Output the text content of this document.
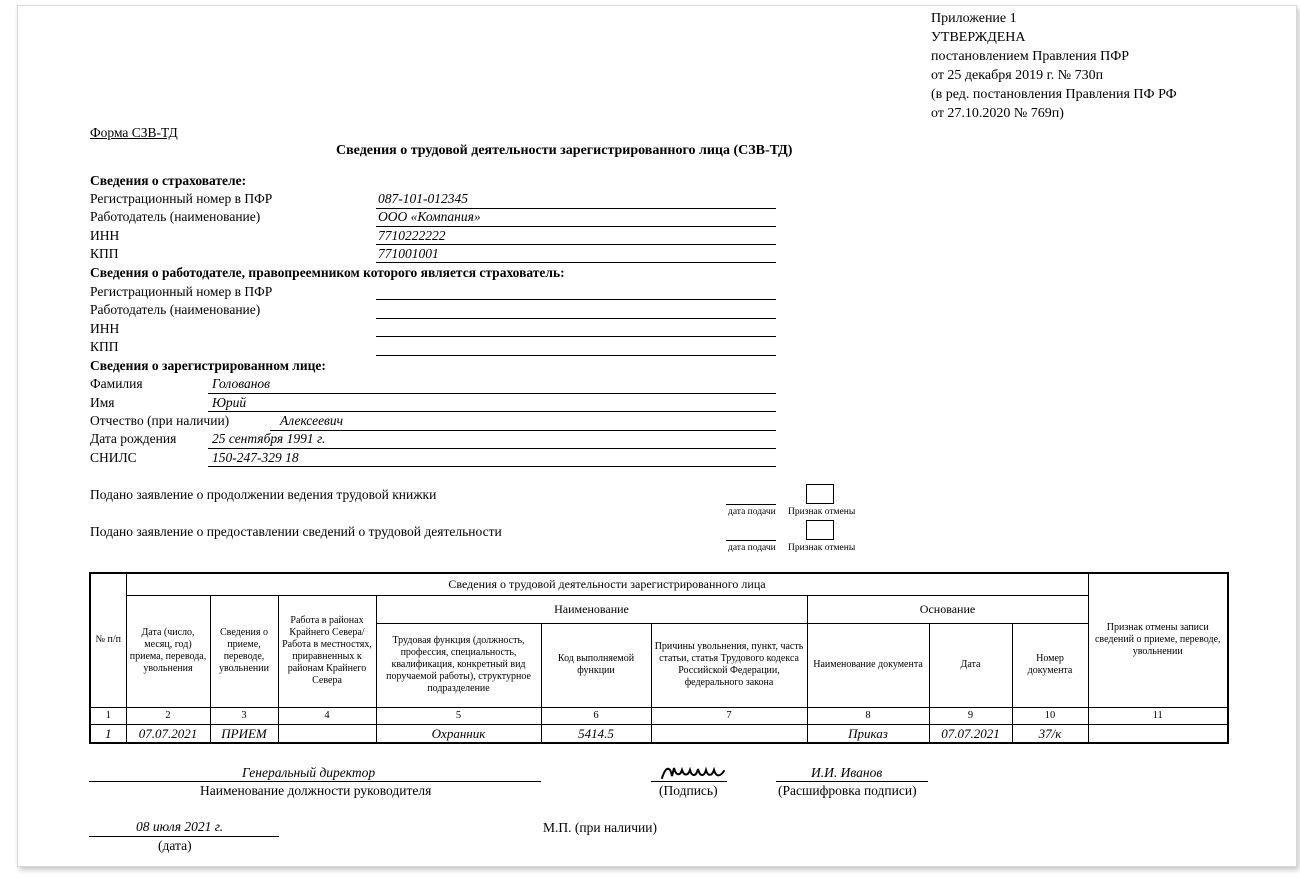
Приложение 1
УТВЕРЖДЕНА
постановлением Правления ПФР
от 25 декабря 2019 г. № 730п
(в ред. постановления Правления ПФ РФ
от 27.10.2020 № 769п)
Форма СЗВ-ТД
Сведения о трудовой деятельности зарегистрированного лица (СЗВ-ТД)
Сведения о страхователе:
Регистрационный номер в ПФР	087-101-012345
Работодатель (наименование)	ООО «Компания»
ИНН	7710222222
КПП	771001001
Сведения о работодателе, правопреемником которого является страхователь:
Регистрационный номер в ПФР
Работодатель (наименование)
ИНН
КПП
Сведения о зарегистрированном лице:
Фамилия	Голованов
Имя	Юрий
Отчество (при наличии)	Алексеевич
Дата рождения	25 сентября 1991 г.
СНИЛС	150-247-329 18
Подано заявление о продолжении ведения трудовой книжки
дата подачи Признак отмены
Подано заявление о предоставлении сведений о трудовой деятельности
дата подачи Признак отмены
№ п/п	Сведения о трудовой деятельности зарегистрированного лица									Признак отмены записи сведений о приеме, переводе, увольнении
	Дата (число, месяц, год) приема, перевода, увольнения	Сведения о приеме, переводе, увольнении	Работа в районах Крайнего Севера/Работа в местностях, приравненных к районам Крайнего Севера	Наименование			Основание			
				Трудовая функция (должность, профессия, специальность, квалификация, конкретный вид поручаемой работы), структурное подразделение	Код выполняемой функции	Причины увольнения, пункт, часть статьи, статья Трудового кодекса Российской Федерации, федерального закона	Наименование документа	Дата	Номер документа	
1	2	3	4	5	6	7	8	9	10	11
1	07.07.2021	ПРИЕМ		Охранник	5414.5		Приказ	07.07.2021	37/к	
Генеральный директор
Наименование должности руководителя	(Подпись)
И.И. Иванов
(Расшифровка подписи)
08 июля 2021 г.
(дата)
М.П. (при наличии)
